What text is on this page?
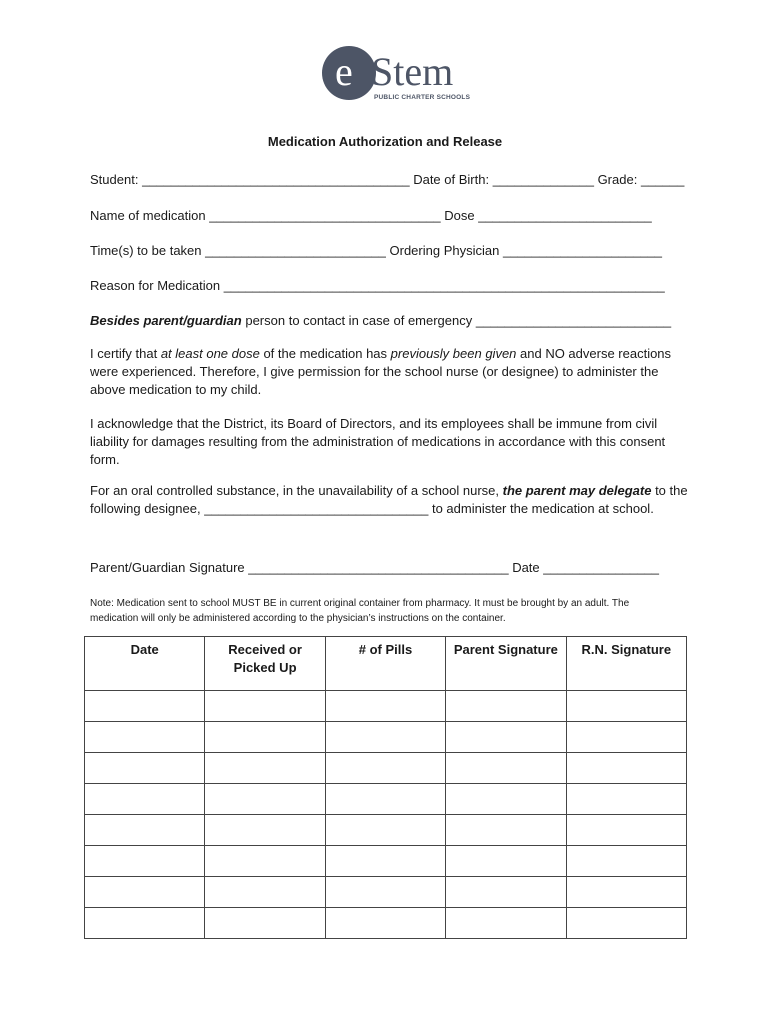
e Stem
PUBLIC CHARTER SCHOOLS
Medication Authorization and Release
Student: _____________________________________ Date of Birth: ______________ Grade: ______
Name of medication ________________________________ Dose ________________________
Time(s) to be taken _________________________ Ordering Physician ______________________
Reason for Medication _____________________________________________________________
Besides parent/guardian person to contact in case of emergency ___________________________
I certify that at least one dose of the medication has previously been given and NO adverse reactions were experienced. Therefore, I give permission for the school nurse (or designee) to administer the above medication to my child.
I acknowledge that the District, its Board of Directors, and its employees shall be immune from civil liability for damages resulting from the administration of medications in accordance with this consent form.
For an oral controlled substance, in the unavailability of a school nurse, the parent may delegate to the following designee, _______________________________ to administer the medication at school.
Parent/Guardian Signature ____________________________________ Date ________________
Note: Medication sent to school MUST BE in current original container from pharmacy. It must be brought by an adult. The medication will only be administered according to the physician’s instructions on the container.
Date	Received or Picked Up	# of Pills	Parent Signature	R.N. Signature
